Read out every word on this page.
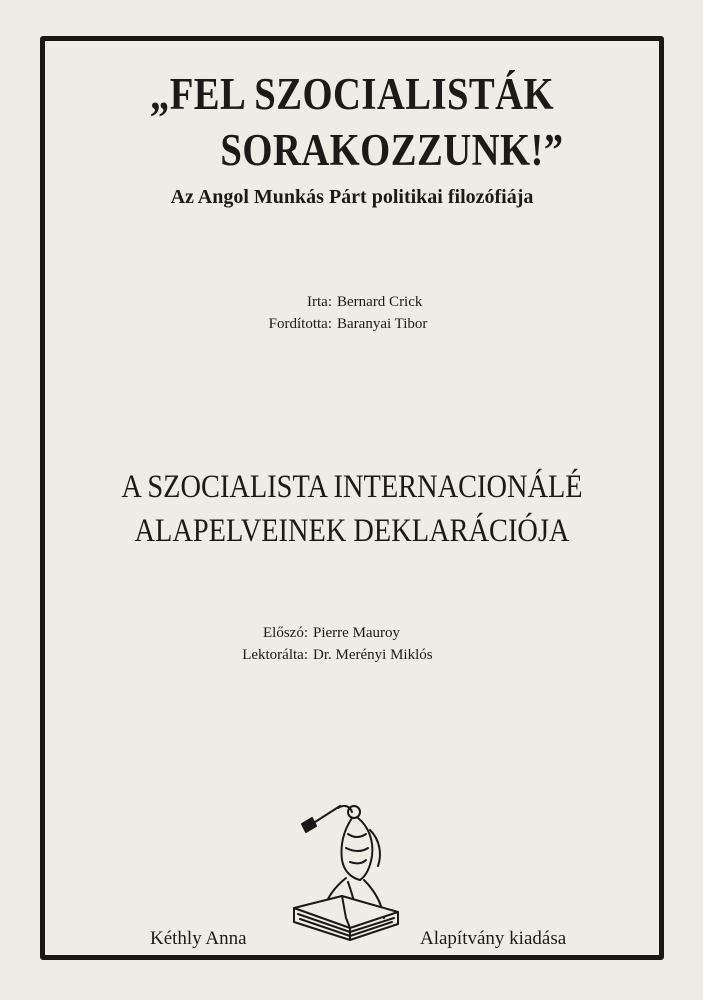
„FEL SZOCIALISTÁK
SORAKOZZUNK!”
Az Angol Munkás Párt politikai filozófiája
Irta: Bernard Crick
Fordította: Baranyai Tibor
A SZOCIALISTA INTERNACIONÁLÉ
ALAPELVEINEK DEKLARÁCIÓJA
Előszó: Pierre Mauroy
Lektorálta: Dr. Merényi Miklós
Kéthly Anna	Alapítvány kiadása
